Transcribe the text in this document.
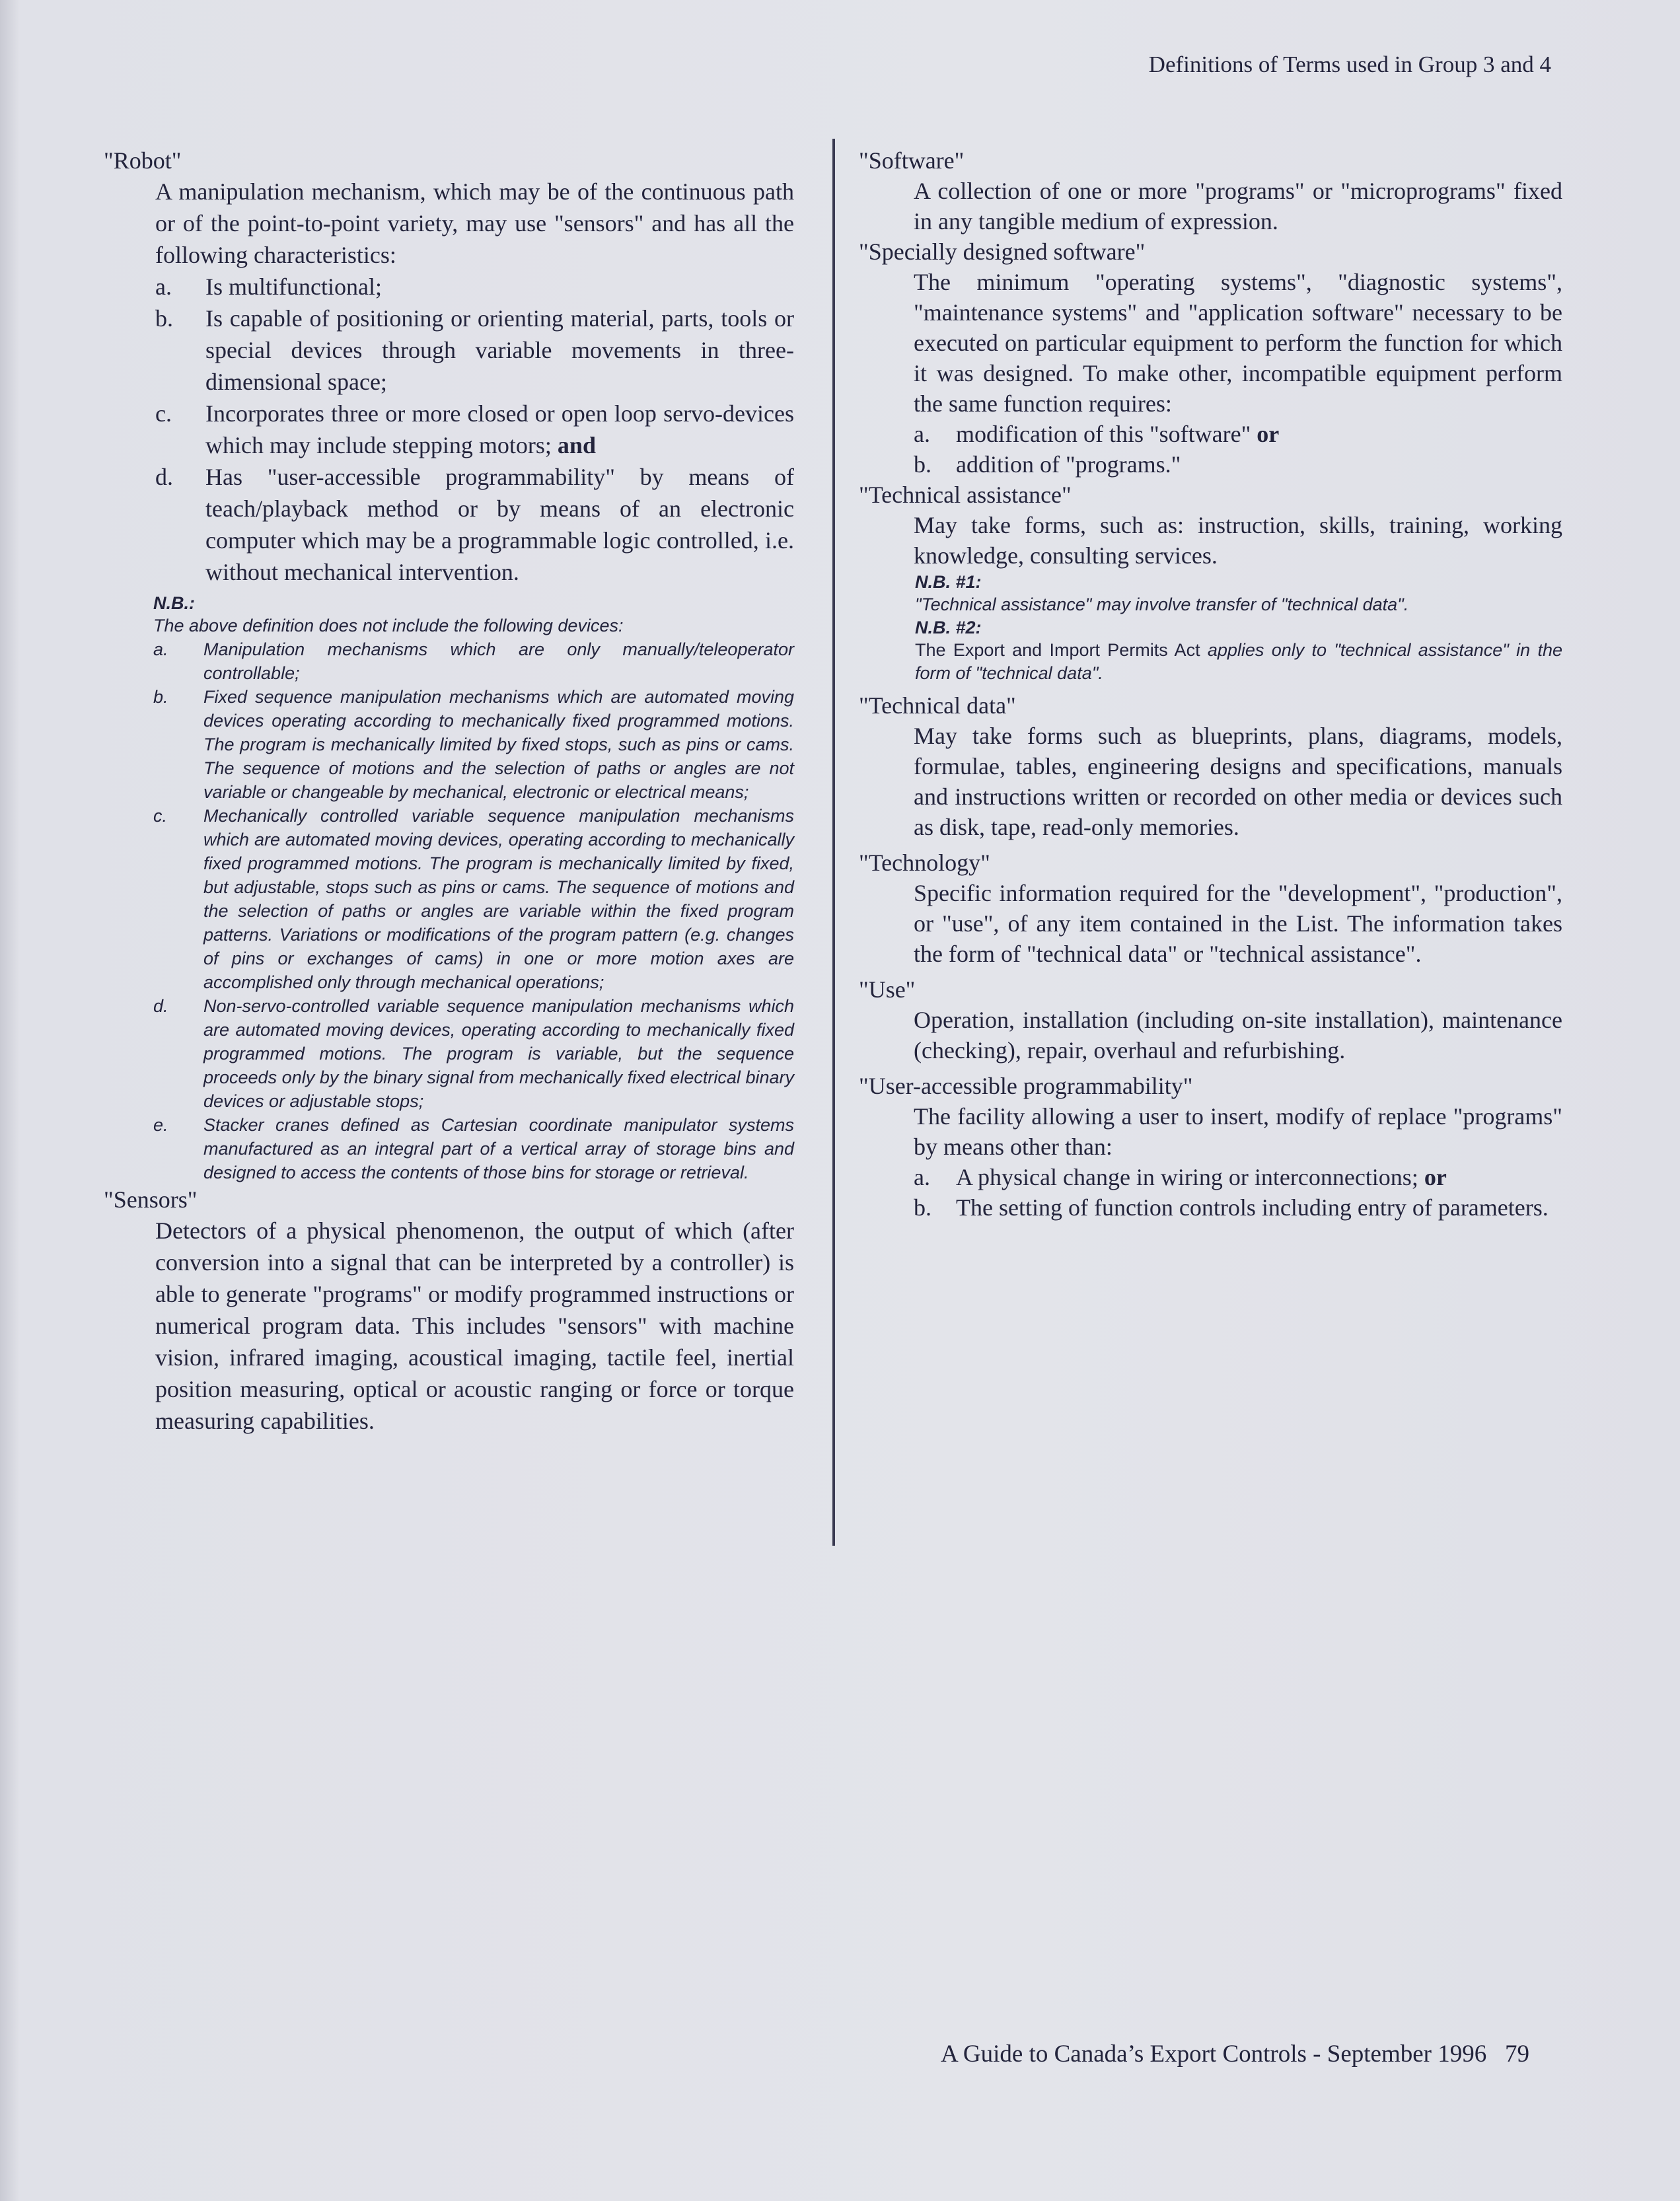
Definitions of Terms used in Group 3 and 4
"Robot"
A manipulation mechanism, which may be of the continuous path or of the point-to-point variety, may use "sensors" and has all the following characteristics:
a.	Is multifunctional;
b.	Is capable of positioning or orienting material, parts, tools or special devices through variable movements in three-dimensional space;
c.	Incorporates three or more closed or open loop servo-devices which may include stepping motors; and
d.	Has "user-accessible programmability" by means of teach/playback method or by means of an electronic computer which may be a programmable logic controlled, i.e. without mechanical intervention.
N.B.:
The above definition does not include the following devices:
a.	Manipulation mechanisms which are only manually/teleoperator controllable;
b.	Fixed sequence manipulation mechanisms which are automated moving devices operating according to mechanically fixed programmed motions. The program is mechanically limited by fixed stops, such as pins or cams. The sequence of motions and the selection of paths or angles are not variable or changeable by mechanical, electronic or electrical means;
c.	Mechanically controlled variable sequence manipulation mechanisms which are automated moving devices, operating according to mechanically fixed programmed motions. The program is mechanically limited by fixed, but adjustable, stops such as pins or cams. The sequence of motions and the selection of paths or angles are variable within the fixed program patterns. Variations or modifications of the program pattern (e.g. changes of pins or exchanges of cams) in one or more motion axes are accomplished only through mechanical operations;
d.	Non-servo-controlled variable sequence manipulation mechanisms which are automated moving devices, operating according to mechanically fixed programmed motions. The program is variable, but the sequence proceeds only by the binary signal from mechanically fixed electrical binary devices or adjustable stops;
e.	Stacker cranes defined as Cartesian coordinate manipulator systems manufactured as an integral part of a vertical array of storage bins and designed to access the contents of those bins for storage or retrieval.
"Sensors"
Detectors of a physical phenomenon, the output of which (after conversion into a signal that can be interpreted by a controller) is able to generate "programs" or modify programmed instructions or numerical program data. This includes "sensors" with machine vision, infrared imaging, acoustical imaging, tactile feel, inertial position measuring, optical or acoustic ranging or force or torque measuring capabilities.
"Software"
A collection of one or more "programs" or "microprograms" fixed in any tangible medium of expression.
"Specially designed software"
The minimum "operating systems", "diagnostic systems", "maintenance systems" and "application software" necessary to be executed on particular equipment to perform the function for which it was designed. To make other, incompatible equipment perform the same function requires:
a.	modification of this "software" or
b.	addition of "programs."
"Technical assistance"
May take forms, such as: instruction, skills, training, working knowledge, consulting services.
N.B. #1:
"Technical assistance" may involve transfer of "technical data".
N.B. #2:
The Export and Import Permits Act applies only to "technical assistance" in the form of "technical data".
"Technical data"
May take forms such as blueprints, plans, diagrams, models, formulae, tables, engineering designs and specifications, manuals and instructions written or recorded on other media or devices such as disk, tape, read-only memories.
"Technology"
Specific information required for the "development", "production", or "use", of any item contained in the List. The information takes the form of "technical data" or "technical assistance".
"Use"
Operation, installation (including on-site installation), maintenance (checking), repair, overhaul and refurbishing.
"User-accessible programmability"
The facility allowing a user to insert, modify of replace "programs" by means other than:
a.	A physical change in wiring or interconnections; or
b.	The setting of function controls including entry of parameters.
A Guide to Canada’s Export Controls - September 1996   79
